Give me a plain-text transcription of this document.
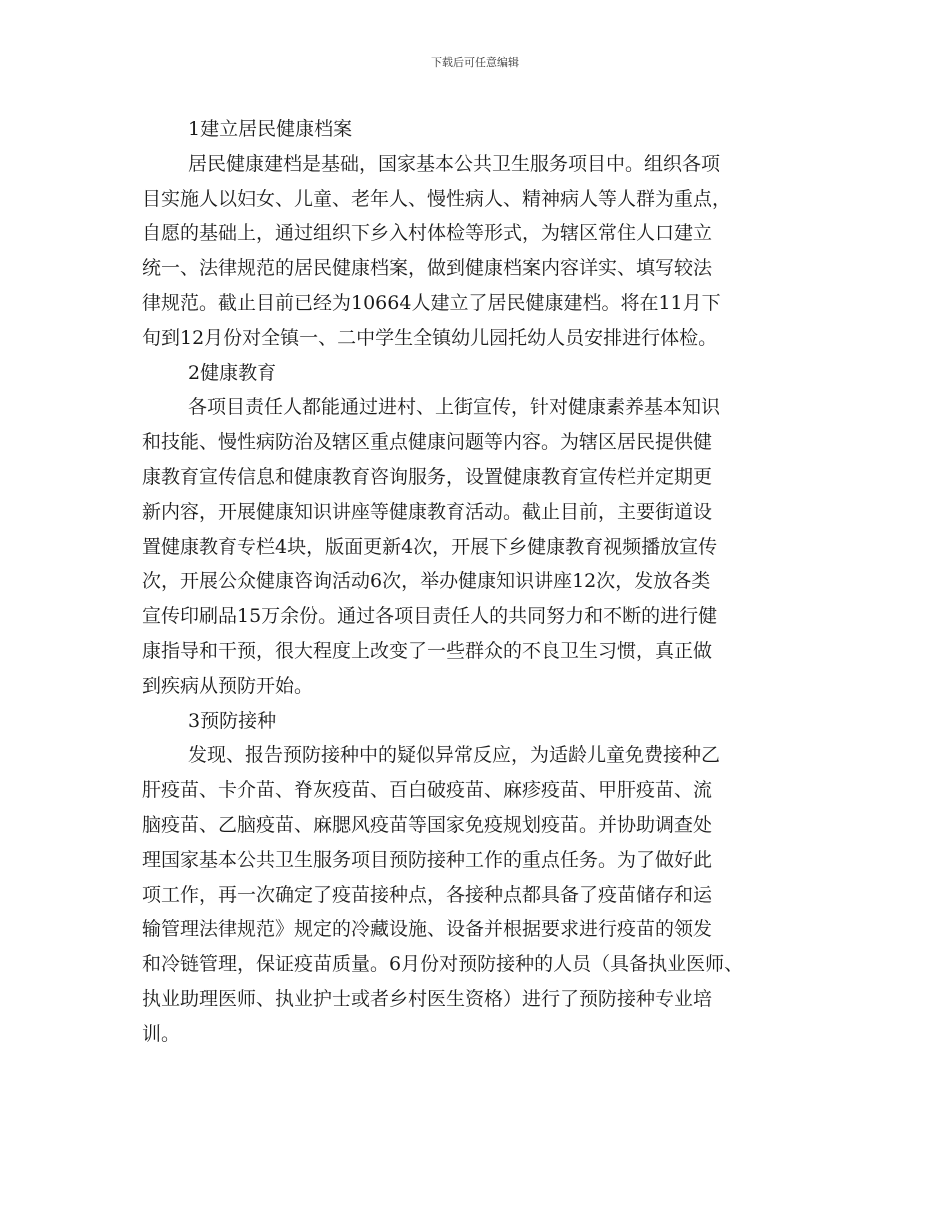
下载后可任意编辑
1建立居民健康档案
居民健康建档是基础，国家基本公共卫生服务项目中。组织各项
目实施人以妇女、儿童、老年人、慢性病人、精神病人等人群为重点，
自愿的基础上，通过组织下乡入村体检等形式，为辖区常住人口建立
统一、法律规范的居民健康档案，做到健康档案内容详实、填写较法
律规范。截止目前已经为10664人建立了居民健康建档。将在11月下
旬到12月份对全镇一、二中学生全镇幼儿园托幼人员安排进行体检。
2健康教育
各项目责任人都能通过进村、上街宣传，针对健康素养基本知识
和技能、慢性病防治及辖区重点健康问题等内容。为辖区居民提供健
康教育宣传信息和健康教育咨询服务，设置健康教育宣传栏并定期更
新内容，开展健康知识讲座等健康教育活动。截止目前，主要街道设
置健康教育专栏4块，版面更新4次，开展下乡健康教育视频播放宣传
次，开展公众健康咨询活动6次，举办健康知识讲座12次，发放各类
宣传印刷品15万余份。通过各项目责任人的共同努力和不断的进行健
康指导和干预，很大程度上改变了一些群众的不良卫生习惯，真正做
到疾病从预防开始。
3预防接种
发现、报告预防接种中的疑似异常反应，为适龄儿童免费接种乙
肝疫苗、卡介苗、脊灰疫苗、百白破疫苗、麻疹疫苗、甲肝疫苗、流
脑疫苗、乙脑疫苗、麻腮风疫苗等国家免疫规划疫苗。并协助调查处
理国家基本公共卫生服务项目预防接种工作的重点任务。为了做好此
项工作，再一次确定了疫苗接种点，各接种点都具备了疫苗储存和运
输管理法律规范》规定的冷藏设施、设备并根据要求进行疫苗的领发
和冷链管理，保证疫苗质量。6月份对预防接种的人员（具备执业医师、
执业助理医师、执业护士或者乡村医生资格）进行了预防接种专业培
训。
